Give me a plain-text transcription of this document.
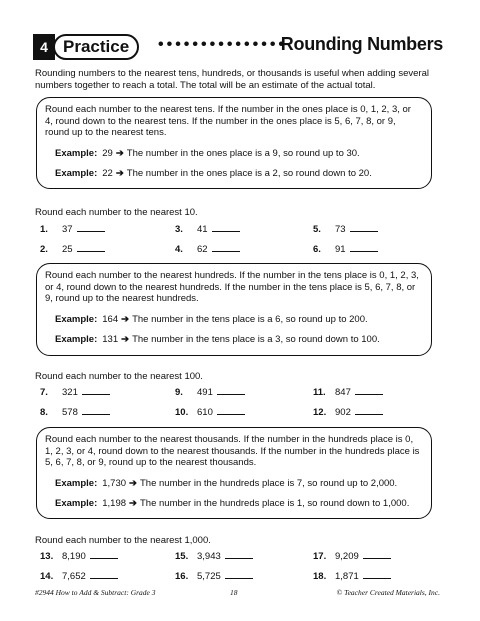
4 Practice	•••••••••••••••
Rounding Numbers
Rounding numbers to the nearest tens, hundreds, or thousands is useful when adding several numbers together to reach a total. The total will be an estimate of the actual total.

Round each number to the nearest tens. If the number in the ones place is 0, 1, 2, 3, or 4, round down to the nearest tens. If the number in the ones place is 5, 6, 7, 8, or 9, round up to the nearest tens.

Example: 29 ➔ The number in the ones place is a 9, so round up to 30.

Example: 22 ➔ The number in the ones place is a 2, so round down to 20.

Round each number to the nearest 10.
1. 37	3. 41	5. 73
2. 25	4. 62	6. 91

Round each number to the nearest hundreds. If the number in the tens place is 0, 1, 2, 3, or 4, round down to the nearest hundreds. If the number in the tens place is 5, 6, 7, 8, or 9, round up to the nearest hundreds.

Example: 164 ➔ The number in the tens place is a 6, so round up to 200.

Example: 131 ➔ The number in the tens place is a 3, so round down to 100.

Round each number to the nearest 100.
7. 321	9. 491	11. 847
8. 578	10. 610	12. 902

Round each number to the nearest thousands. If the number in the hundreds place is 0, 1, 2, 3, or 4, round down to the nearest thousands. If the number in the hundreds place is 5, 6, 7, 8, or 9, round up to the nearest thousands.

Example: 1,730 ➔ The number in the hundreds place is 7, so round up to 2,000.

Example: 1,198 ➔ The number in the hundreds place is 1, so round down to 1,000.

Round each number to the nearest 1,000.
13. 8,190	15. 3,943	17. 9,209
14. 7,652	16. 5,725	18. 1,871
#2944 How to Add & Subtract: Grade 3	18	© Teacher Created Materials, Inc.
